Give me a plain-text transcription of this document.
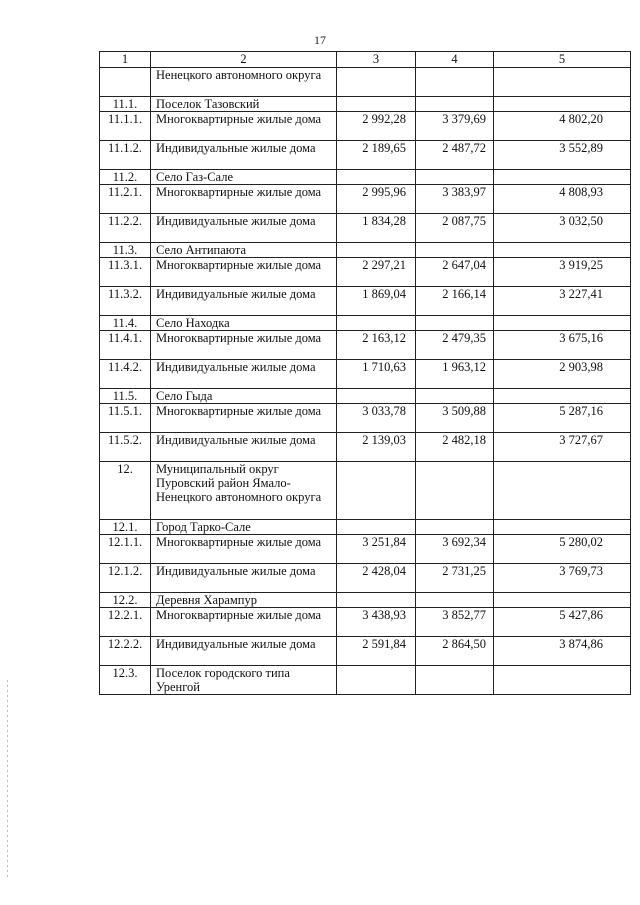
17
1	2	3	4	5
	Ненецкого автономного округа			
11.1.	Поселок Тазовский			
11.1.1.	Многоквартирные жилые дома	2 992,28	3 379,69	4 802,20
11.1.2.	Индивидуальные жилые дома	2 189,65	2 487,72	3 552,89
11.2.	Село Газ-Сале			
11.2.1.	Многоквартирные жилые дома	2 995,96	3 383,97	4 808,93
11.2.2.	Индивидуальные жилые дома	1 834,28	2 087,75	3 032,50
11.3.	Село Антипаюта			
11.3.1.	Многоквартирные жилые дома	2 297,21	2 647,04	3 919,25
11.3.2.	Индивидуальные жилые дома	1 869,04	2 166,14	3 227,41
11.4.	Село Находка			
11.4.1.	Многоквартирные жилые дома	2 163,12	2 479,35	3 675,16
11.4.2.	Индивидуальные жилые дома	1 710,63	1 963,12	2 903,98
11.5.	Село Гыда			
11.5.1.	Многоквартирные жилые дома	3 033,78	3 509,88	5 287,16
11.5.2.	Индивидуальные жилые дома	2 139,03	2 482,18	3 727,67
12.	Муниципальный округ Пуровский район Ямало-Ненецкого автономного округа			
12.1.	Город Тарко-Сале			
12.1.1.	Многоквартирные жилые дома	3 251,84	3 692,34	5 280,02
12.1.2.	Индивидуальные жилые дома	2 428,04	2 731,25	3 769,73
12.2.	Деревня Харампур			
12.2.1.	Многоквартирные жилые дома	3 438,93	3 852,77	5 427,86
12.2.2.	Индивидуальные жилые дома	2 591,84	2 864,50	3 874,86
12.3.	Поселок городского типа Уренгой			
